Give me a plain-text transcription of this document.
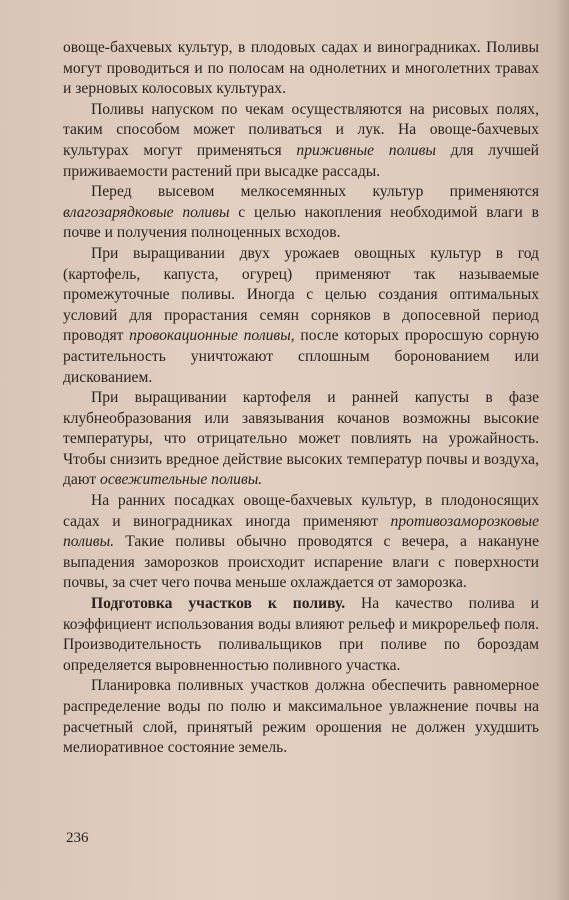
овоще-бахчевых культур, в плодовых садах и виноградниках. Поливы могут проводиться и по полосам на однолетних и многолетних травах и зерновых колосовых культурах.

Поливы напуском по чекам осуществляются на рисовых полях, таким способом может поливаться и лук. На овоще-бахчевых культурах могут применяться приживные поливы для лучшей приживаемости растений при высадке рассады.

Перед высевом мелкосемянных культур применяются влагозарядковые поливы с целью накопления необходимой влаги в почве и получения полноценных всходов.

При выращивании двух урожаев овощных культур в год (картофель, капуста, огурец) применяют так называемые промежуточные поливы. Иногда с целью создания оптимальных условий для прорастания семян сорняков в допосевной период проводят провокационные поливы, после которых проросшую сорную растительность уничтожают сплошным боронованием или дискованием.

При выращивании картофеля и ранней капусты в фазе клубнеобразования или завязывания кочанов возможны высокие температуры, что отрицательно может повлиять на урожайность. Чтобы снизить вредное действие высоких температур почвы и воздуха, дают освежительные поливы.

На ранних посадках овоще-бахчевых культур, в плодоносящих садах и виноградниках иногда применяют противозаморозковые поливы. Такие поливы обычно проводятся с вечера, а накануне выпадения заморозков происходит испарение влаги с поверхности почвы, за счет чего почва меньше охлаждается от заморозка.

Подготовка участков к поливу. На качество полива и коэффициент использования воды влияют рельеф и микрорельеф поля. Производительность поливальщиков при поливе по бороздам определяется выровненностью поливного участка.

Планировка поливных участков должна обеспечить равномерное распределение воды по полю и максимальное увлажнение почвы на расчетный слой, принятый режим орошения не должен ухудшить мелиоративное состояние земель.

236
